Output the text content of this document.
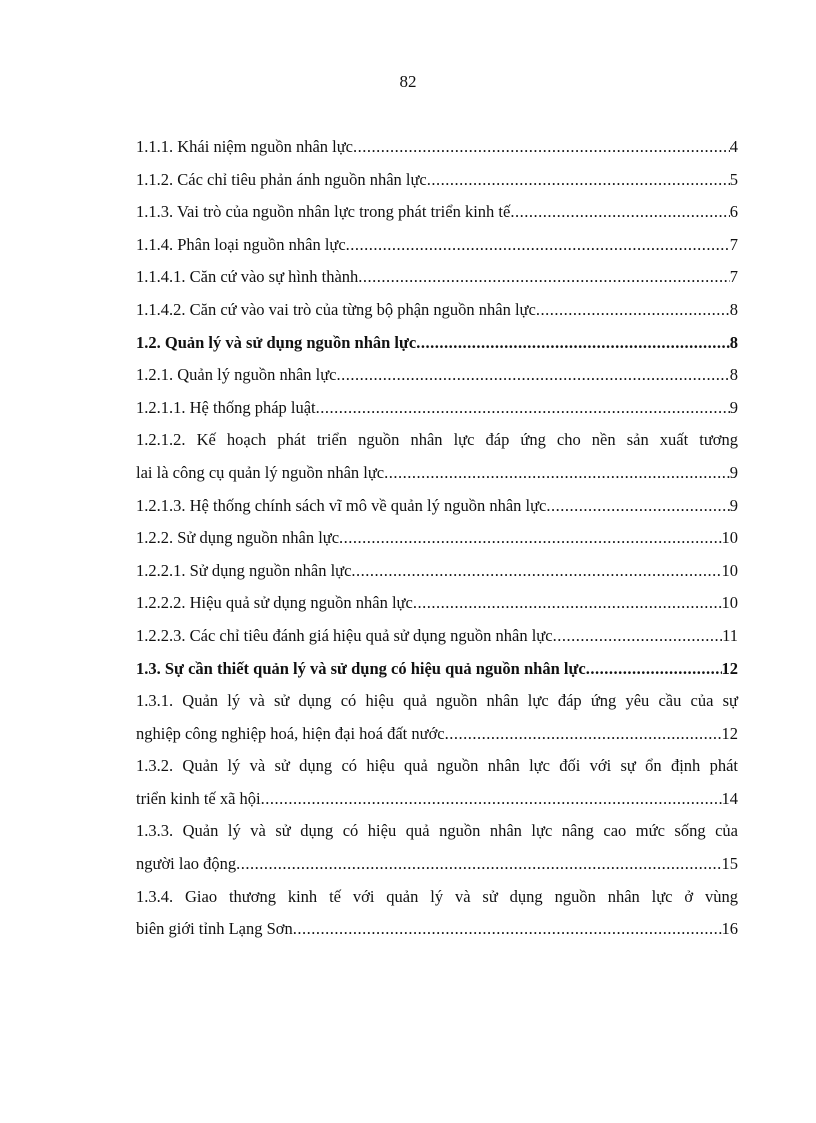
82
1.1.1. Khái niệm nguồn nhân lực .....	4
1.1.2. Các chỉ tiêu phản ánh nguồn nhân lực .....	5
1.1.3. Vai trò của nguồn nhân lực trong phát triển kinh tế .....	6
1.1.4. Phân loại nguồn nhân lực .....	7
1.1.4.1. Căn cứ vào sự hình thành .....	7
1.1.4.2. Căn cứ vào vai trò của từng bộ phận nguồn nhân lực .....	8
1.2. Quản lý và sử dụng nguồn nhân lực .....	8
1.2.1. Quản lý nguồn nhân lực .....	8
1.2.1.1. Hệ thống pháp luật .....	9
1.2.1.2. Kế hoạch phát triển nguồn nhân lực đáp ứng cho nền sản xuất tương
lai là công cụ quản lý nguồn nhân lực .....	9
1.2.1.3. Hệ thống chính sách vĩ mô về quản lý nguồn nhân lực .....	9
1.2.2. Sử dụng nguồn nhân lực .....	10
1.2.2.1. Sử dụng nguồn nhân lực .....	10
1.2.2.2. Hiệu quả sử dụng nguồn nhân lực .....	10
1.2.2.3. Các chỉ tiêu đánh giá hiệu quả sử dụng nguồn nhân lực .....	11
1.3. Sự cần thiết quản lý và sử dụng có hiệu quả nguồn nhân lực .....	12
1.3.1. Quản lý và sử dụng có hiệu quả nguồn nhân lực đáp ứng yêu cầu của sự
nghiệp công nghiệp hoá, hiện đại hoá đất nước .....	12
1.3.2. Quản lý và sử dụng có hiệu quả nguồn nhân lực đối với sự ổn định phát
triển kinh tế xã hội .....	14
1.3.3. Quản lý và sử dụng có hiệu quả nguồn nhân lực nâng cao mức sống của
người lao động .....	15
1.3.4. Giao thương kinh tế với quản lý và sử dụng nguồn nhân lực ở vùng
biên giới tỉnh Lạng Sơn .....	16
